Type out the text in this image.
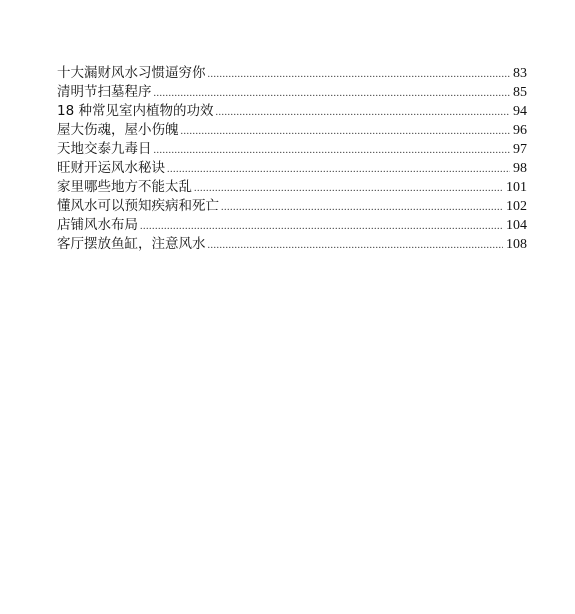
十大漏财风水习惯逼穷你 .....	83
清明节扫墓程序 .....	85
18 种常见室内植物的功效 .....	94
屋大伤魂，屋小伤魄 .....	96
天地交泰九毒日 .....	97
旺财开运风水秘诀 .....	98
家里哪些地方不能太乱 .....	101
懂风水可以预知疾病和死亡 .....	102
店铺风水布局 .....	104
客厅摆放鱼缸，注意风水 .....	108
